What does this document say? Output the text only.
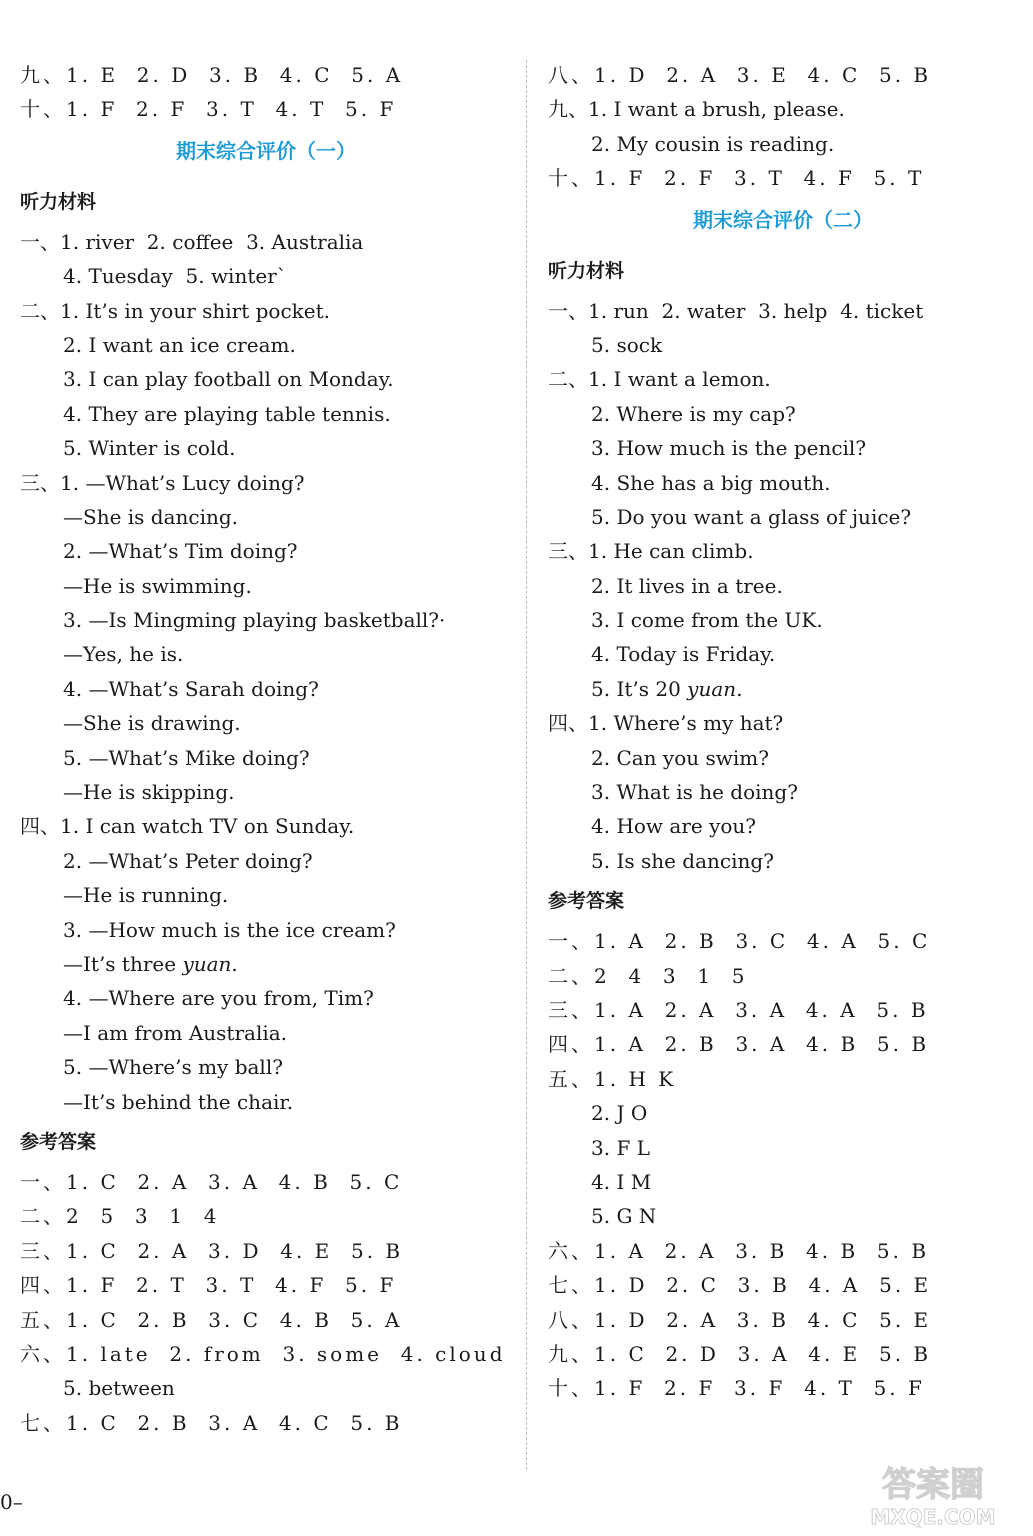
九、1. E  2. D  3. B  4. C  5. A
十、1. F  2. F  3. T  4. T  5. F
期末综合评价（一）
听力材料
一、1. river  2. coffee  3. Australia
4. Tuesday  5. winter`
二、1. It’s in your shirt pocket.
2. I want an ice cream.
3. I can play football on Monday.
4. They are playing table tennis.
5. Winter is cold.
三、1. —What’s Lucy doing?
—She is dancing.
2. —What’s Tim doing?
—He is swimming.
3. —Is Mingming playing basketball?·
—Yes, he is.
4. —What’s Sarah doing?
—She is drawing.
5. —What’s Mike doing?
—He is skipping.
四、1. I can watch TV on Sunday.
2. —What’s Peter doing?
—He is running.
3. —How much is the ice cream?
—It’s three yuan.
4. —Where are you from, Tim?
—I am from Australia.
5. —Where’s my ball?
—It’s behind the chair.
参考答案
一、1. C  2. A  3. A  4. B  5. C
二、2  5  3  1  4
三、1. C  2. A  3. D  4. E  5. B
四、1. F  2. T  3. T  4. F  5. F
五、1. C  2. B  3. C  4. B  5. A
六、1. late  2. from  3. some  4. cloud
5. between
七、1. C  2. B  3. A  4. C  5. B
八、1. D  2. A  3. E  4. C  5. B
九、1. I want a brush, please.
2. My cousin is reading.
十、1. F  2. F  3. T  4. F  5. T
期末综合评价（二）
听力材料
一、1. run  2. water  3. help  4. ticket
5. sock
二、1. I want a lemon.
2. Where is my cap?
3. How much is the pencil?
4. She has a big mouth.
5. Do you want a glass of juice?
三、1. He can climb.
2. It lives in a tree.
3. I come from the UK.
4. Today is Friday.
5. It’s 20 yuan.
四、1. Where’s my hat?
2. Can you swim?
3. What is he doing?
4. How are you?
5. Is she dancing?
参考答案
一、1. A  2. B  3. C  4. A  5. C
二、2  4  3  1  5
三、1. A  2. A  3. A  4. A  5. B
四、1. A  2. B  3. A  4. B  5. B
五、1. H K
2. J O
3. F L
4. I M
5. G N
六、1. A  2. A  3. B  4. B  5. B
七、1. D  2. C  3. B  4. A  5. E
八、1. D  2. A  3. B  4. C  5. E
九、1. C  2. D  3. A  4. E  5. B
十、1. F  2. F  3. F  4. T  5. F
0–	答案圈
MXQE.COM
